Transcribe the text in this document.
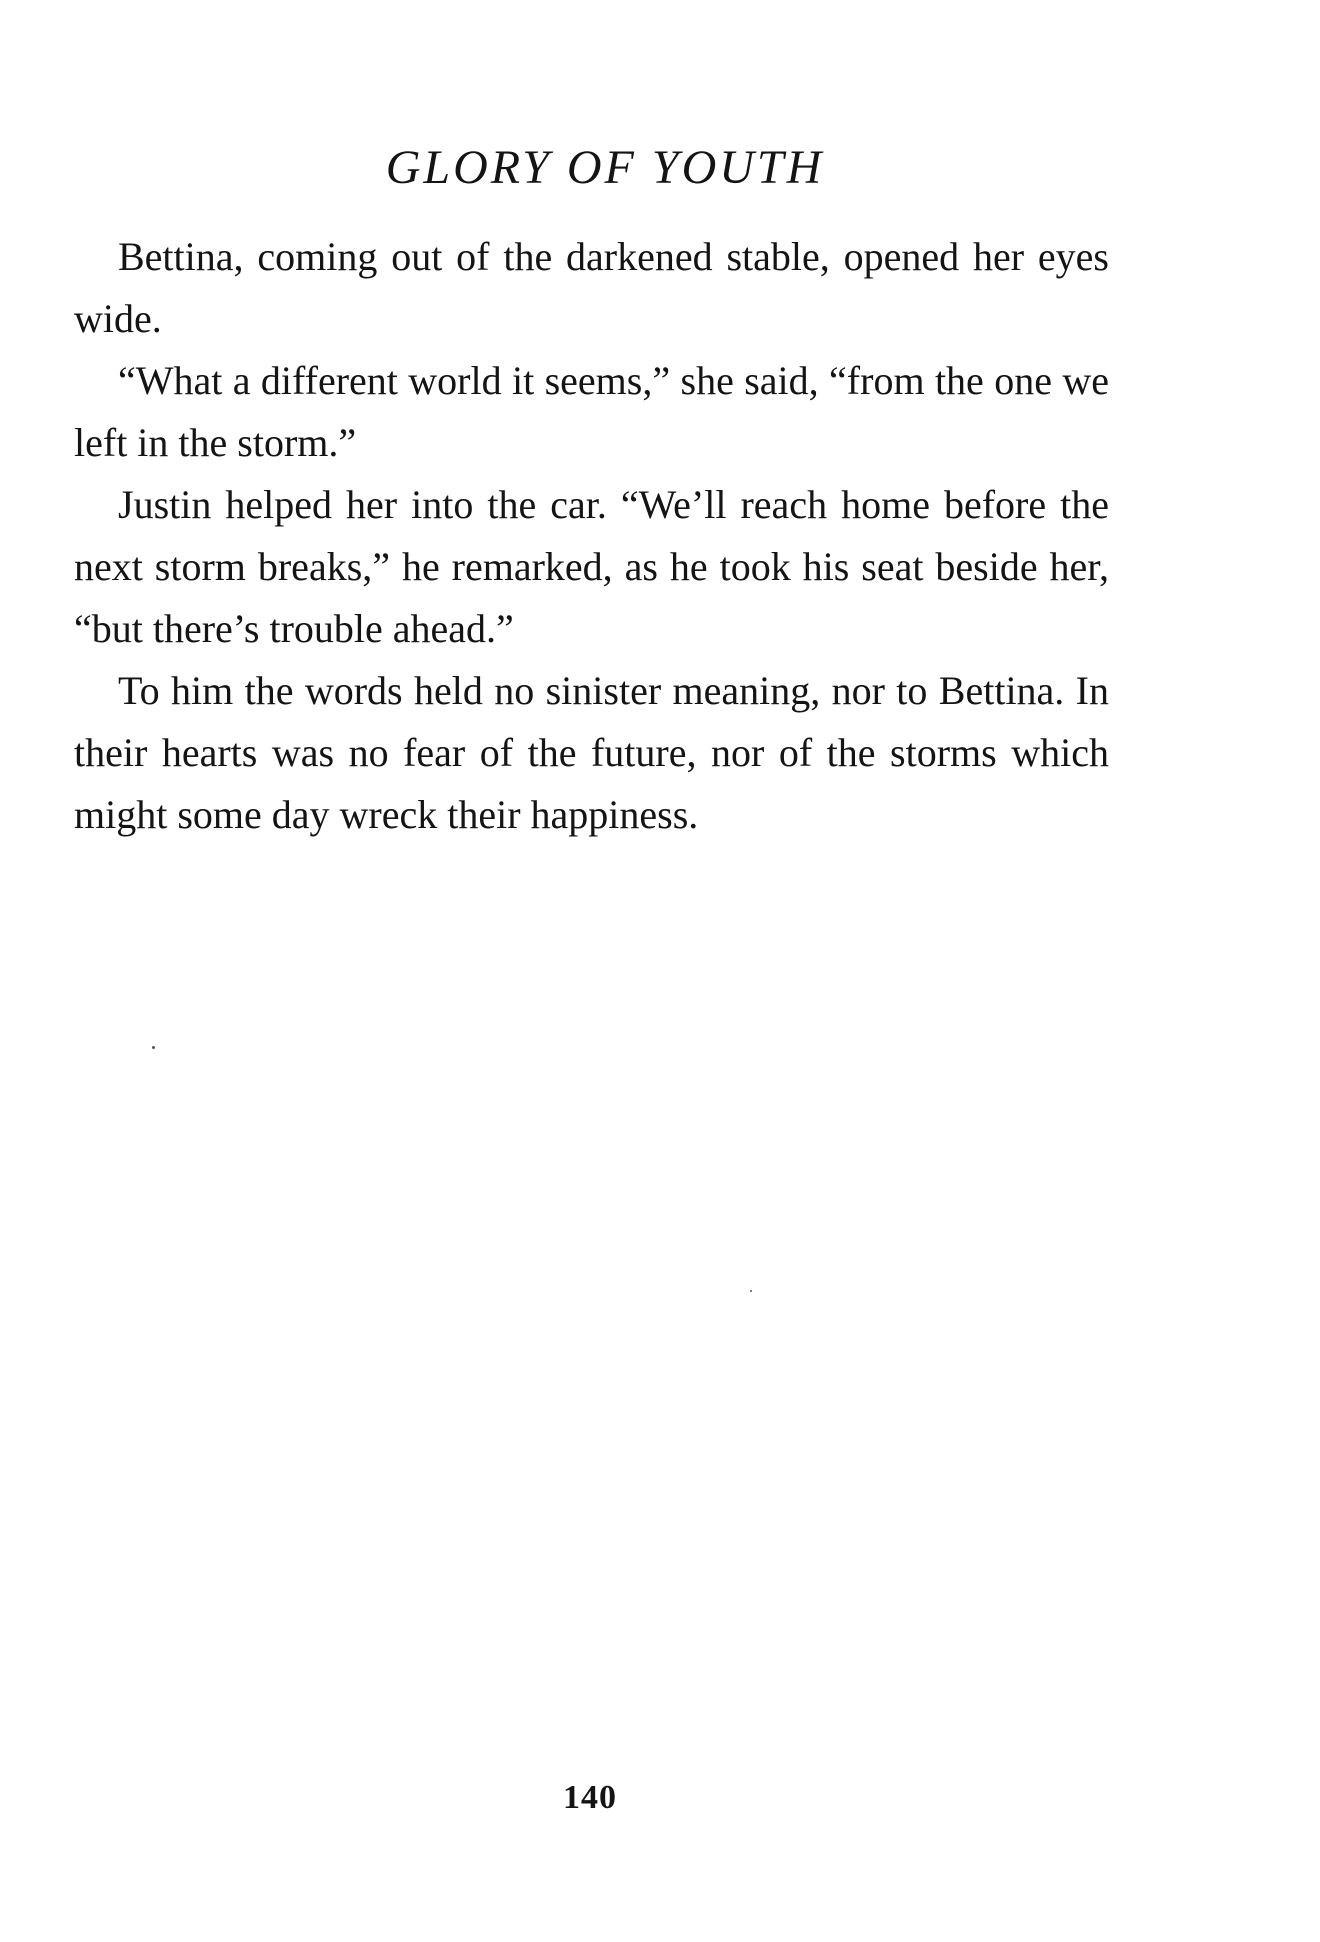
GLORY OF YOUTH

Bettina, coming out of the darkened stable, opened her eyes wide.

“What a different world it seems,” she said, “from the one we left in the storm.”

Justin helped her into the car. “We’ll reach home before the next storm breaks,” he remarked, as he took his seat beside her, “but there’s trouble ahead.”

To him the words held no sinister meaning, nor to Bettina. In their hearts was no fear of the future, nor of the storms which might some day wreck their happiness.

140
